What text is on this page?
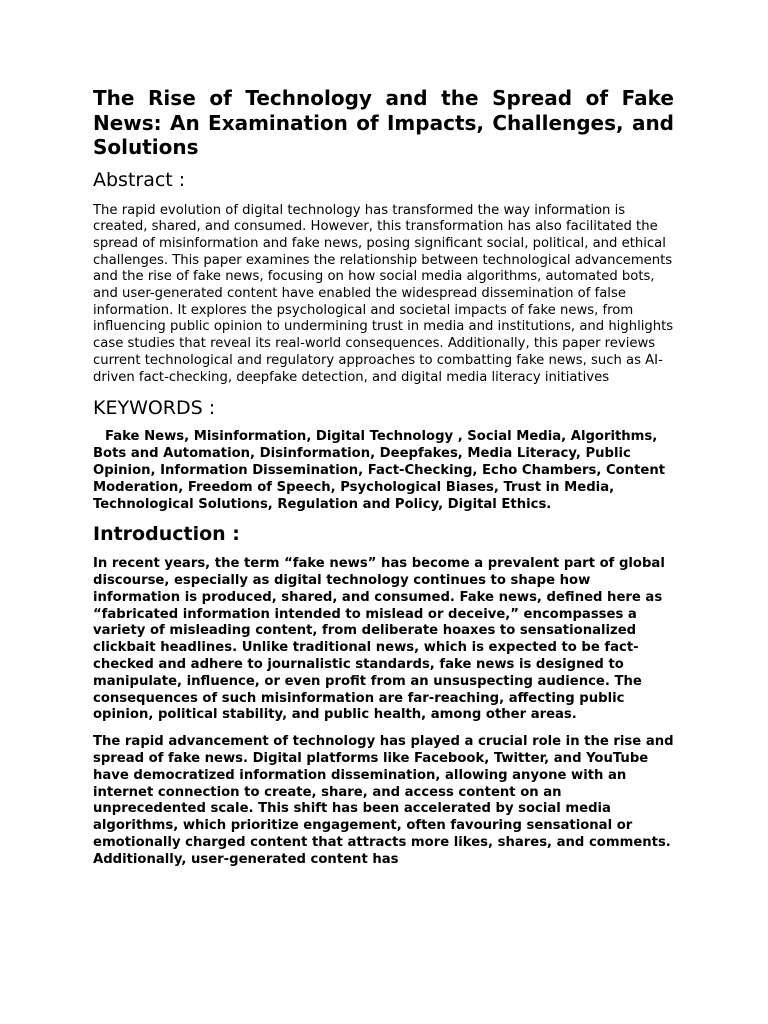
The Rise of Technology and the Spread of Fake News: An Examination of Impacts, Challenges, and Solutions
Abstract :

The rapid evolution of digital technology has transformed the way information is created, shared, and consumed. However, this transformation has also facilitated the spread of misinformation and fake news, posing significant social, political, and ethical challenges. This paper examines the relationship between technological advancements and the rise of fake news, focusing on how social media algorithms, automated bots, and user-generated content have enabled the widespread dissemination of false information. It explores the psychological and societal impacts of fake news, from influencing public opinion to undermining trust in media and institutions, and highlights case studies that reveal its real-world consequences. Additionally, this paper reviews current technological and regulatory approaches to combatting fake news, such as AI-driven fact-checking, deepfake detection, and digital media literacy initiatives

KEYWORDS :

Fake News, Misinformation, Digital Technology , Social Media, Algorithms, Bots and Automation, Disinformation, Deepfakes, Media Literacy, Public Opinion, Information Dissemination, Fact-Checking, Echo Chambers, Content Moderation, Freedom of Speech, Psychological Biases, Trust in Media, Technological Solutions, Regulation and Policy, Digital Ethics.

Introduction :

In recent years, the term “fake news” has become a prevalent part of global discourse, especially as digital technology continues to shape how information is produced, shared, and consumed. Fake news, defined here as “fabricated information intended to mislead or deceive,” encompasses a variety of misleading content, from deliberate hoaxes to sensationalized clickbait headlines. Unlike traditional news, which is expected to be fact-checked and adhere to journalistic standards, fake news is designed to manipulate, influence, or even profit from an unsuspecting audience. The consequences of such misinformation are far-reaching, affecting public opinion, political stability, and public health, among other areas.

The rapid advancement of technology has played a crucial role in the rise and spread of fake news. Digital platforms like Facebook, Twitter, and YouTube have democratized information dissemination, allowing anyone with an internet connection to create, share, and access content on an unprecedented scale. This shift has been accelerated by social media algorithms, which prioritize engagement, often favouring sensational or emotionally charged content that attracts more likes, shares, and comments. Additionally, user-generated content has
